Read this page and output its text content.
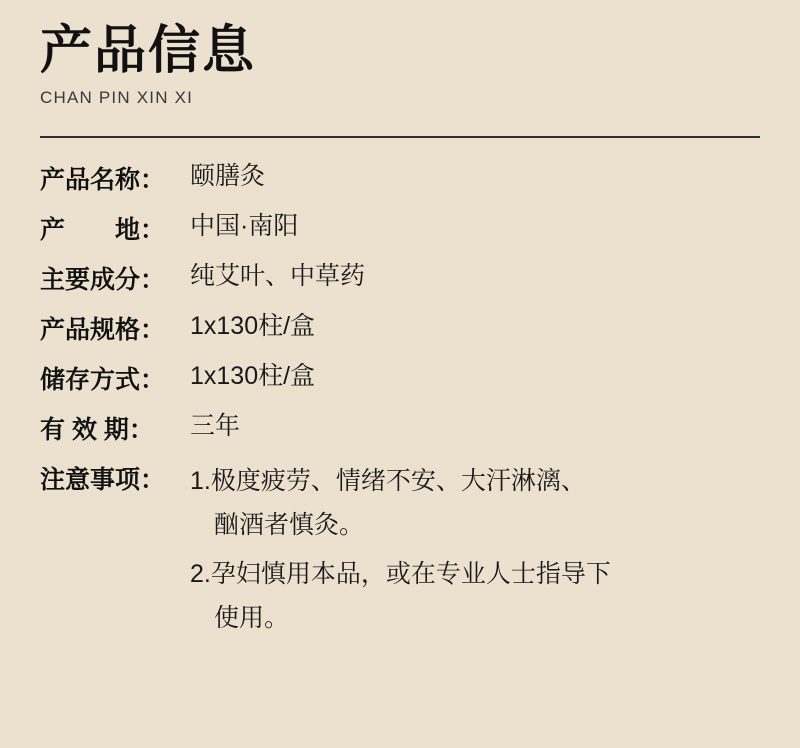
产品信息

CHAN PIN XIN XI

产品名称： 颐膳灸
产　　地： 中国·南阳
主要成分： 纯艾叶、中草药
产品规格： 1x130柱/盒
储存方式： 1x130柱/盒
有 效 期：	三年
注意事项： 1.极度疲劳、情绪不安、大汗淋漓、
酗酒者慎灸。
2.孕妇慎用本品，或在专业人士指导下
使用。
